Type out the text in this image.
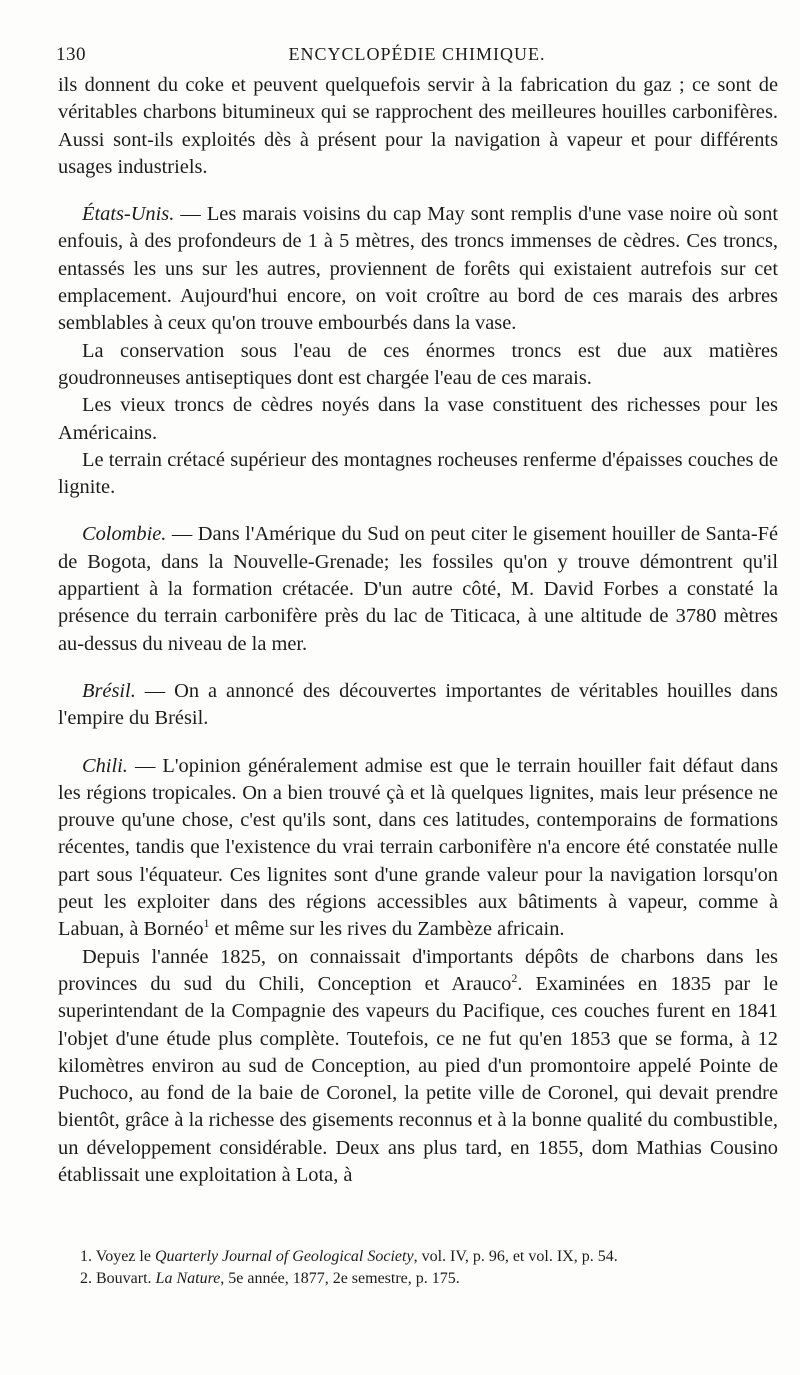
130	ENCYCLOPÉDIE CHIMIQUE.

ils donnent du coke et peuvent quelquefois servir à la fabrication du gaz ; ce sont de véritables charbons bitumineux qui se rapprochent des meilleures houilles carbonifères. Aussi sont-ils exploités dès à présent pour la navigation à vapeur et pour différents usages industriels.

États-Unis. — Les marais voisins du cap May sont remplis d'une vase noire où sont enfouis, à des profondeurs de 1 à 5 mètres, des troncs immenses de cèdres. Ces troncs, entassés les uns sur les autres, proviennent de forêts qui existaient autrefois sur cet emplacement. Aujourd'hui encore, on voit croître au bord de ces marais des arbres semblables à ceux qu'on trouve embourbés dans la vase.

La conservation sous l'eau de ces énormes troncs est due aux matières goudronneuses antiseptiques dont est chargée l'eau de ces marais.

Les vieux troncs de cèdres noyés dans la vase constituent des richesses pour les Américains.

Le terrain crétacé supérieur des montagnes rocheuses renferme d'épaisses couches de lignite.

Colombie. — Dans l'Amérique du Sud on peut citer le gisement houiller de Santa-Fé de Bogota, dans la Nouvelle-Grenade; les fossiles qu'on y trouve démontrent qu'il appartient à la formation crétacée. D'un autre côté, M. David Forbes a constaté la présence du terrain carbonifère près du lac de Titicaca, à une altitude de 3780 mètres au-dessus du niveau de la mer.

Brésil. — On a annoncé des découvertes importantes de véritables houilles dans l'empire du Brésil.

Chili. — L'opinion généralement admise est que le terrain houiller fait défaut dans les régions tropicales. On a bien trouvé çà et là quelques lignites, mais leur présence ne prouve qu'une chose, c'est qu'ils sont, dans ces latitudes, contemporains de formations récentes, tandis que l'existence du vrai terrain carbonifère n'a encore été constatée nulle part sous l'équateur. Ces lignites sont d'une grande valeur pour la navigation lorsqu'on peut les exploiter dans des régions accessibles aux bâtiments à vapeur, comme à Labuan, à Bornéo$^1$ et même sur les rives du Zambèze africain.

Depuis l'année 1825, on connaissait d'importants dépôts de charbons dans les provinces du sud du Chili, Conception et Arauco$^2$. Examinées en 1835 par le superintendant de la Compagnie des vapeurs du Pacifique, ces couches furent en 1841 l'objet d'une étude plus complète. Toutefois, ce ne fut qu'en 1853 que se forma, à 12 kilomètres environ au sud de Conception, au pied d'un promontoire appelé Pointe de Puchoco, au fond de la baie de Coronel, la petite ville de Coronel, qui devait prendre bientôt, grâce à la richesse des gisements reconnus et à la bonne qualité du combustible, un développement considérable. Deux ans plus tard, en 1855, dom Mathias Cousino établissait une exploitation à Lota, à

1. Voyez le Quarterly Journal of Geological Society, vol. IV, p. 96, et vol. IX, p. 54.
2. Bouvart. La Nature, 5e année, 1877, 2e semestre, p. 175.
